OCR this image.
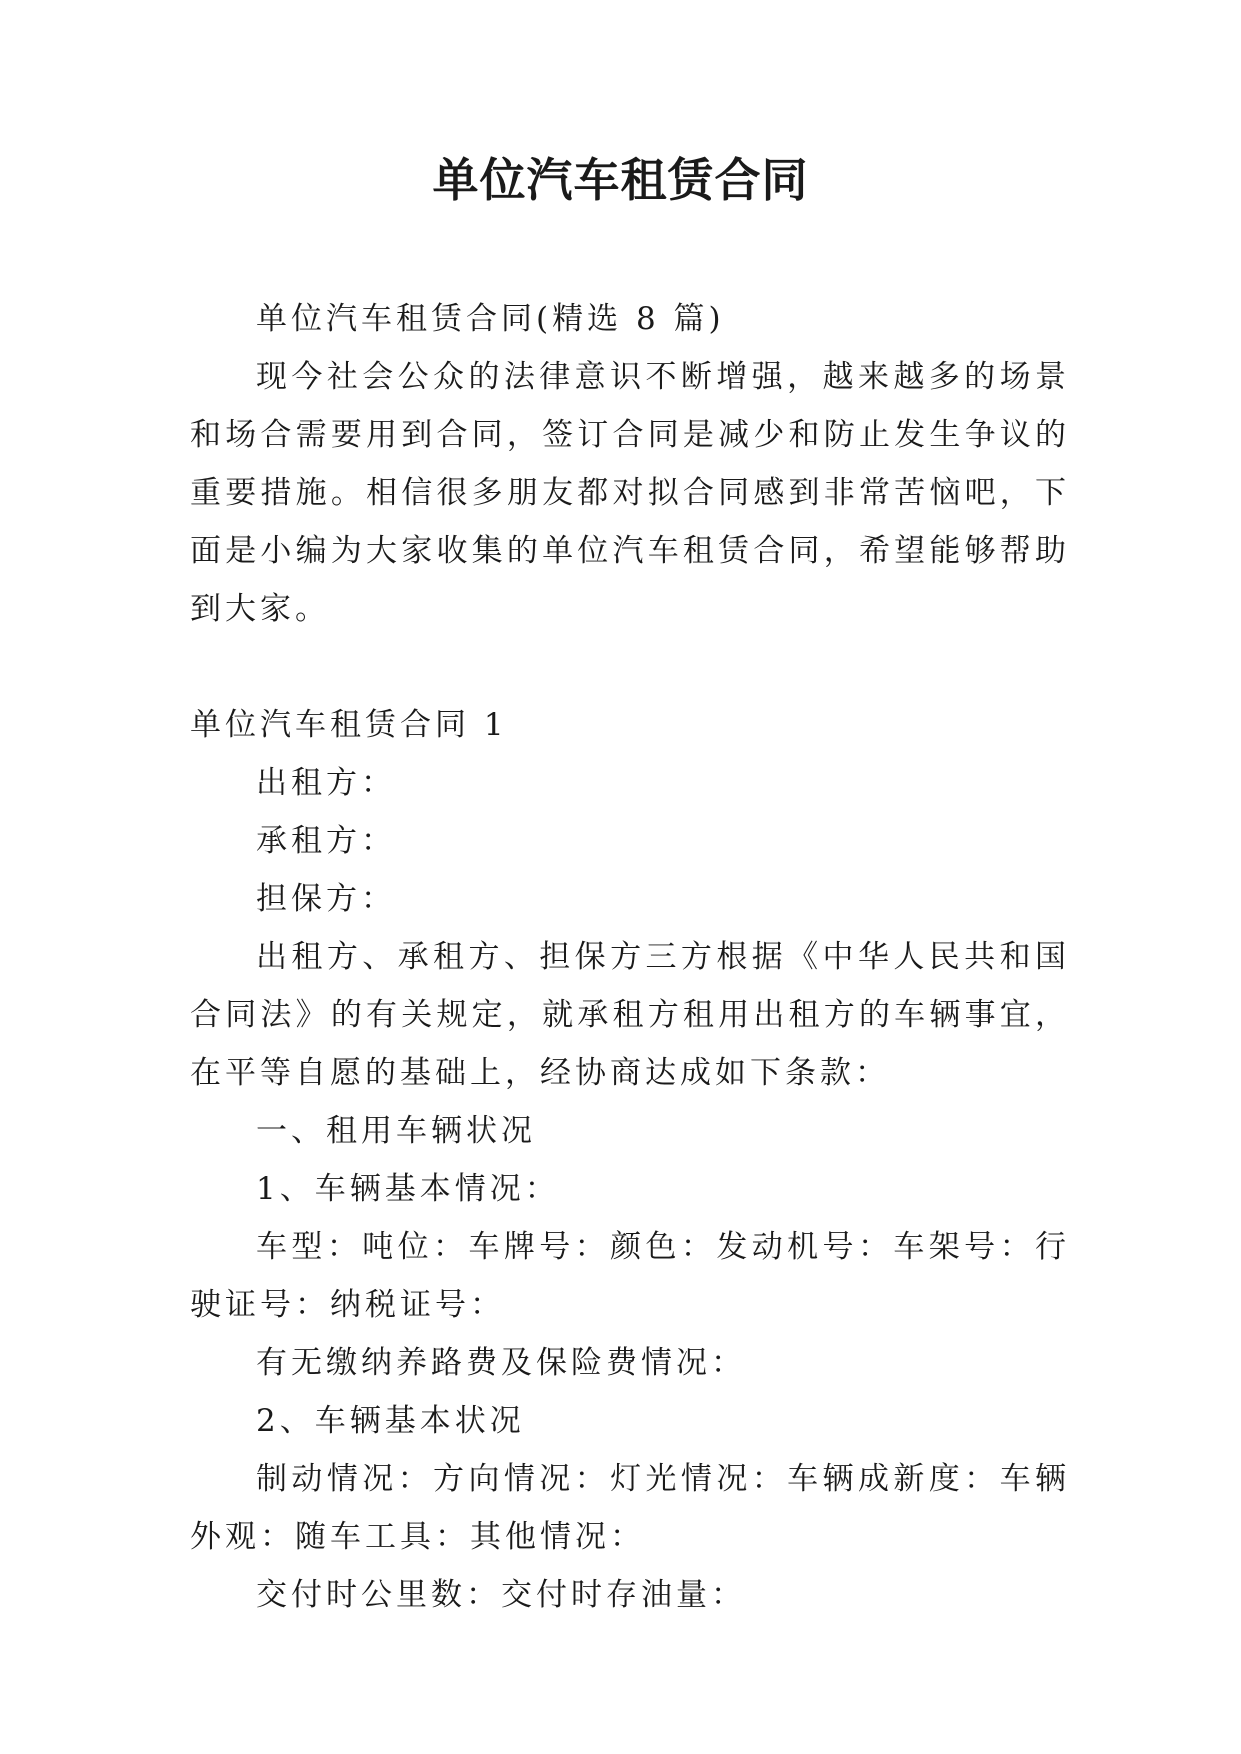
单位汽车租赁合同

单位汽车租赁合同(精选 8 篇)

现今社会公众的法律意识不断增强，越来越多的场景和场合需要用到合同，签订合同是减少和防止发生争议的重要措施。相信很多朋友都对拟合同感到非常苦恼吧，下面是小编为大家收集的单位汽车租赁合同，希望能够帮助到大家。

单位汽车租赁合同 1

出租方：

承租方：

担保方：

出租方、承租方、担保方三方根据《中华人民共和国合同法》的有关规定，就承租方租用出租方的车辆事宜，在平等自愿的基础上，经协商达成如下条款：

一、租用车辆状况

1、车辆基本情况：

车型：吨位：车牌号：颜色：发动机号：车架号：行驶证号：纳税证号：

有无缴纳养路费及保险费情况：

2、车辆基本状况

制动情况：方向情况：灯光情况：车辆成新度：车辆外观：随车工具：其他情况：

交付时公里数：交付时存油量：
